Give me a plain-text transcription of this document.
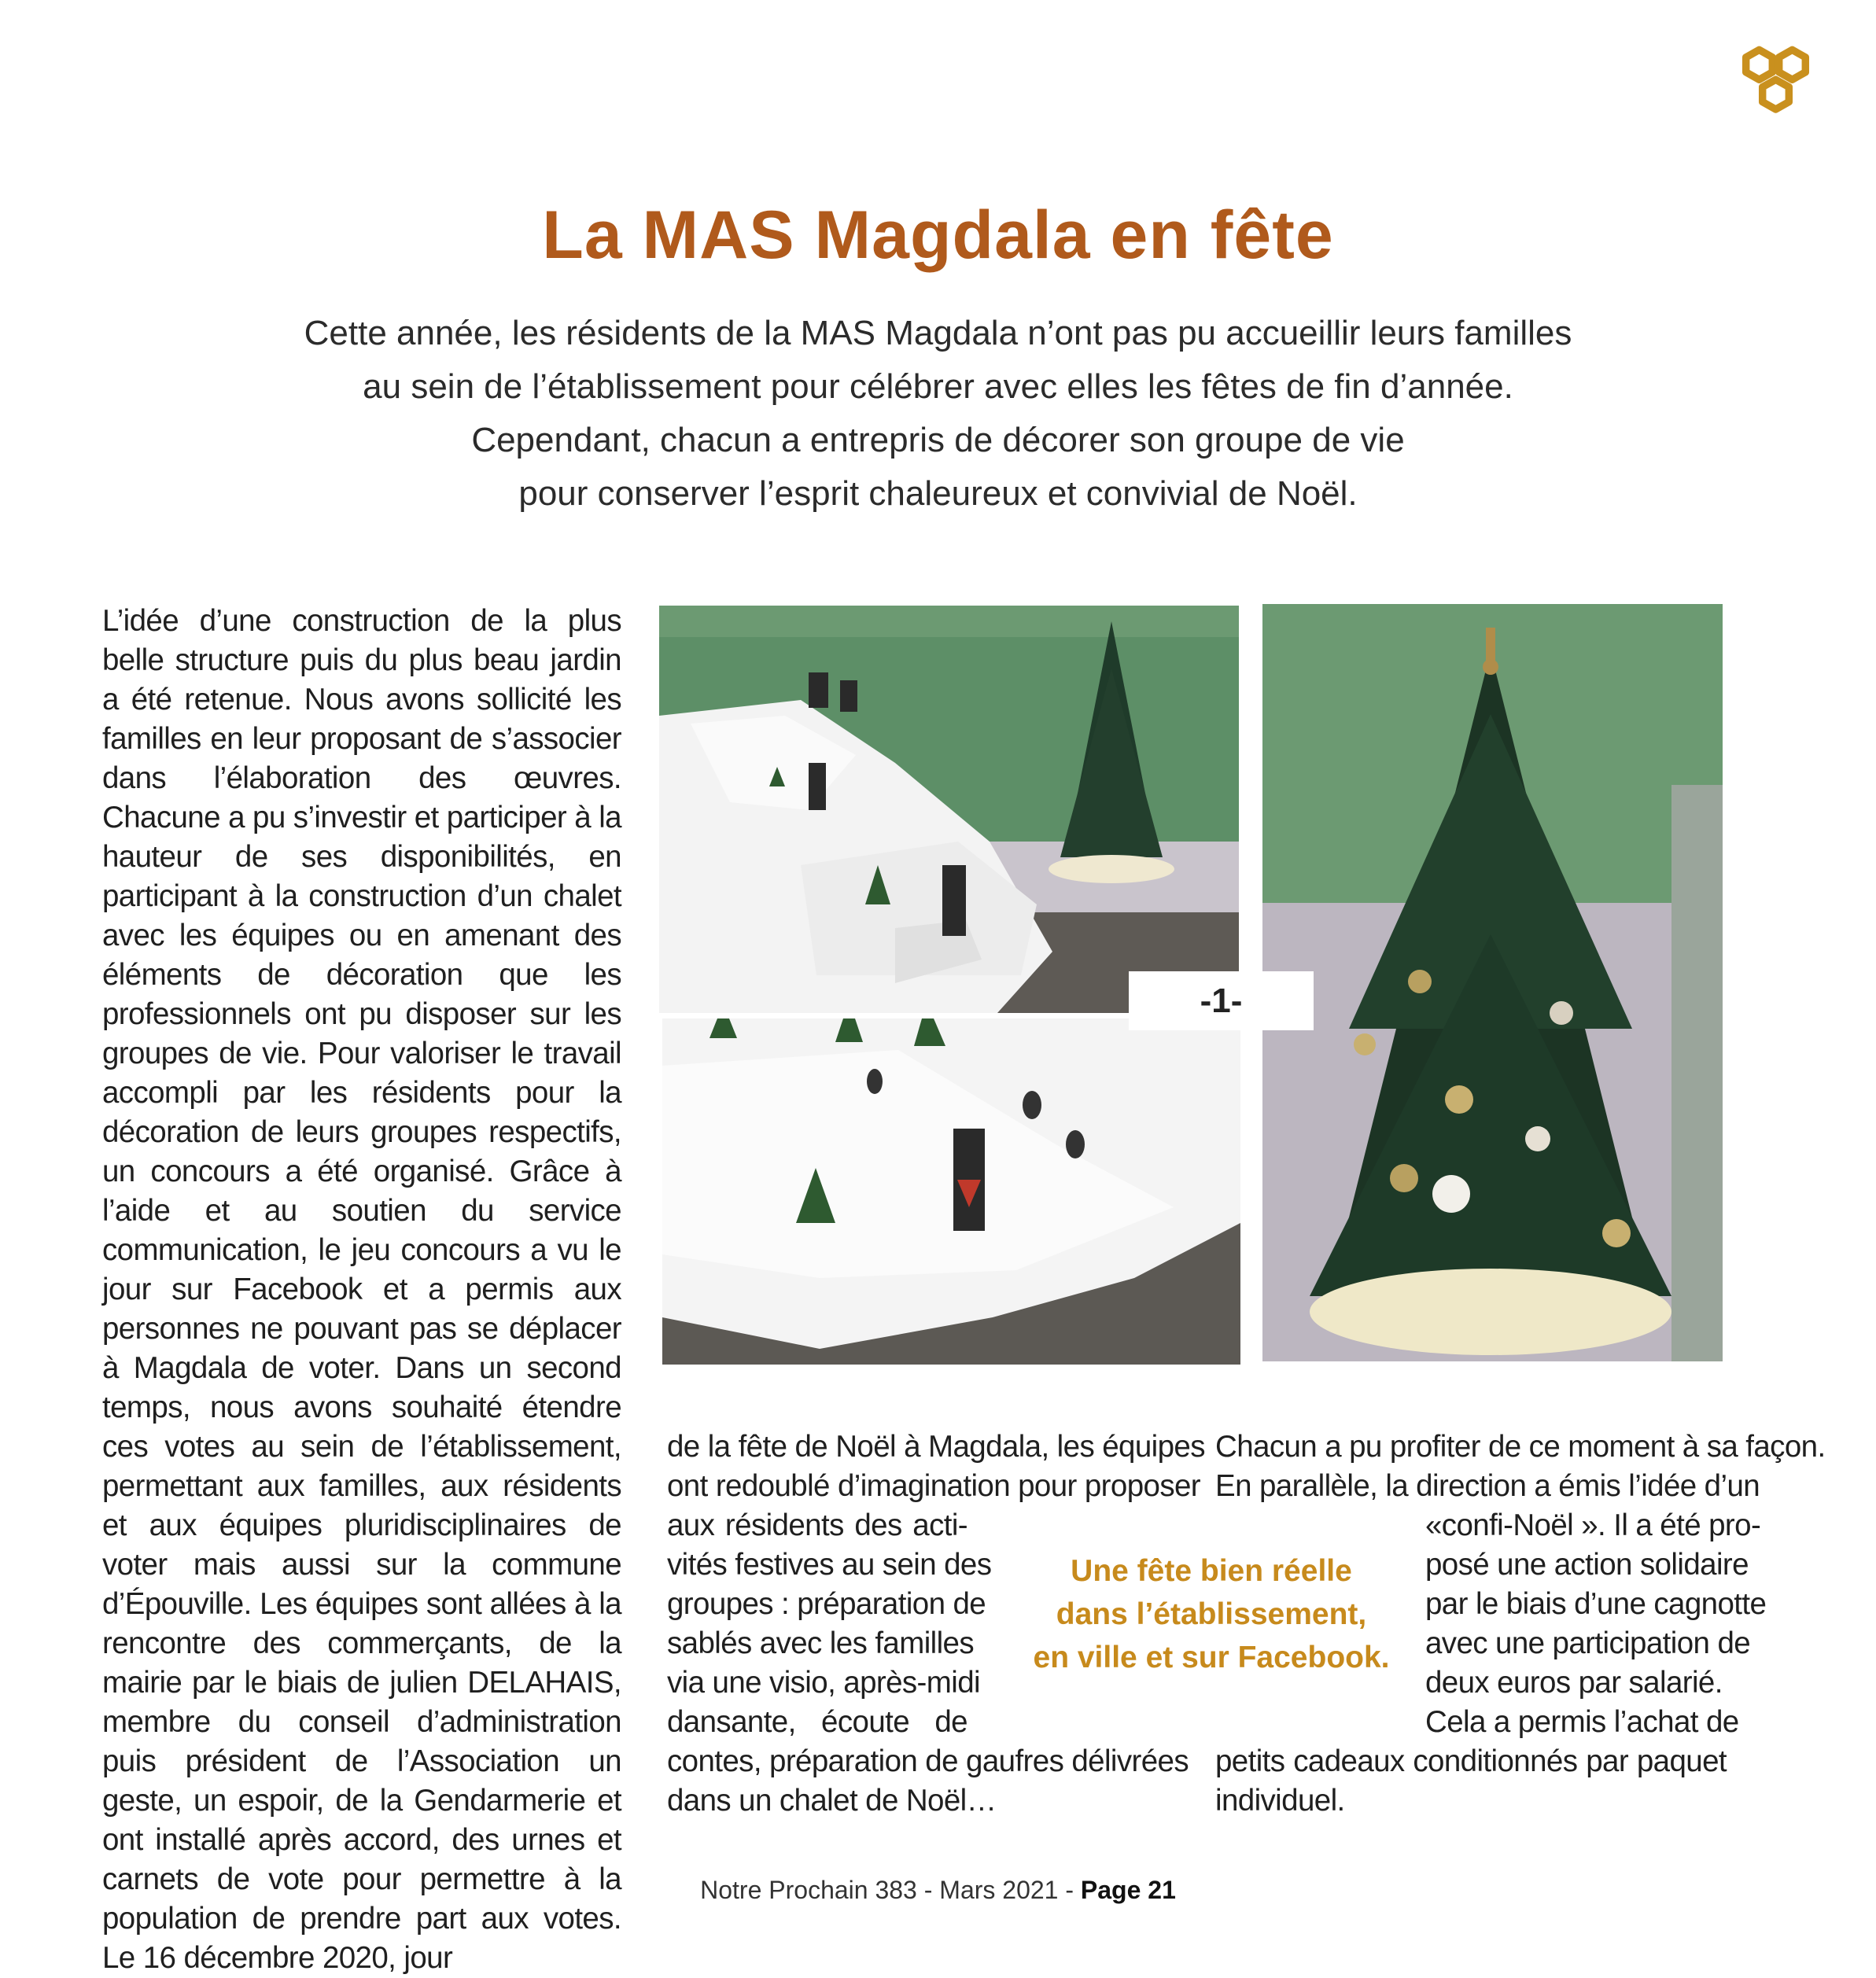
La MAS Magdala en fête
Cette année, les résidents de la MAS Magdala n’ont pas pu accueillir leurs familles
au sein de l’établissement pour célébrer avec elles les fêtes de fin d’année.
Cependant, chacun a entrepris de décorer son groupe de vie
pour conserver l’esprit chaleureux et convivial de Noël.
L’idée d’une construction de la plus belle structure puis du plus beau jardin a été retenue. Nous avons sollicité les familles en leur proposant de s’associer dans l’élaboration des œuvres. Chacune a pu s’investir et participer à la hauteur de ses disponibilités, en participant à la construction d’un chalet avec les équipes ou en amenant des éléments de décoration que les professionnels ont pu disposer sur les groupes de vie. Pour valoriser le travail accompli par les résidents pour la décoration de leurs groupes respectifs, un concours a été organisé. Grâce à l’aide et au soutien du service communication, le jeu concours a vu le jour sur Facebook et a permis aux personnes ne pouvant pas se déplacer à Magdala de voter. Dans un second temps, nous avons souhaité étendre ces votes au sein de l’établissement, permettant aux familles, aux résidents et aux équipes pluridisciplinaires de voter mais aussi sur la commune d’Épouville. Les équipes sont allées à la rencontre des commerçants, de la mairie par le biais de julien DELAHAIS, membre du conseil d’administration puis président de l’Association un geste, un espoir, de la Gendarmerie et ont installé après accord, des urnes et carnets de vote pour permettre à la population de prendre part aux votes. Le 16 décembre 2020, jour
-1-
de la fête de Noël à Magdala, les équipes
ont redoublé d’imagination pour proposer
aux résidents des acti-
vités festives au sein des
groupes : préparation de
sablés avec les familles
via une visio, après-midi
dansante, écoute de
contes, préparation de gaufres délivrées
dans un chalet de Noël…
Une fête bien réelle
dans l’établissement,
en ville et sur Facebook.
Chacun a pu profiter de ce moment à sa façon.
En parallèle, la direction a émis l’idée d’un
«confi-Noël ». Il a été pro-
posé une action solidaire
par le biais d’une cagnotte
avec une participation de
deux euros par salarié.
Cela a permis l’achat de
petits cadeaux conditionnés par paquet
individuel.
Notre Prochain 383 - Mars 2021 - Page 21
